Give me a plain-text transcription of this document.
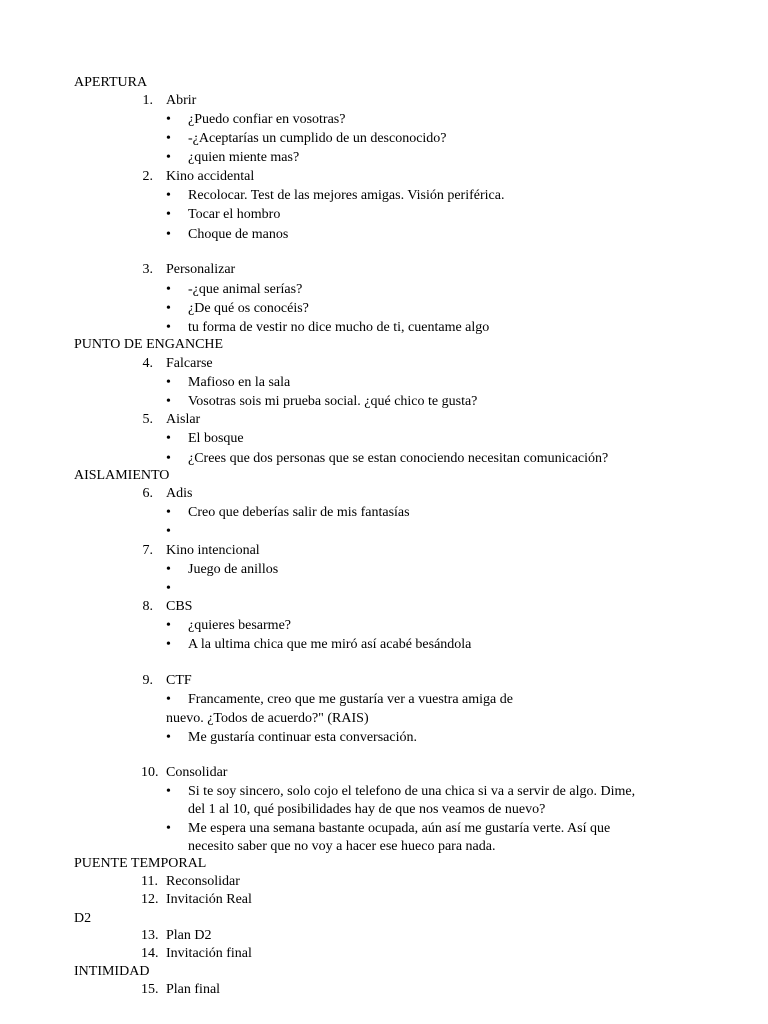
APERTURA
1. Abrir
• ¿Puedo confiar en vosotras?
• -¿Aceptarías un cumplido de un desconocido?
• ¿quien miente mas?
2. Kino accidental
• Recolocar. Test de las mejores amigas. Visión periférica.
• Tocar el hombro
• Choque de manos
3. Personalizar
• -¿que animal serías?
• ¿De qué os conocéis?
• tu forma de vestir no dice mucho de ti, cuentame algo
PUNTO DE ENGANCHE
4. Falcarse
• Mafioso en la sala
• Vosotras sois mi prueba social. ¿qué chico te gusta?
5. Aislar
• El bosque
• ¿Crees que dos personas que se estan conociendo necesitan comunicación?
AISLAMIENTO
6. Adis
• Creo que deberías salir de mis fantasías
•
7. Kino intencional
• Juego de anillos
•
8. CBS
• ¿quieres besarme?
• A la ultima chica que me miró así acabé besándola
9. CTF
• Francamente, creo que me gustaría ver a vuestra amiga de
nuevo. ¿Todos de acuerdo?" (RAIS)
• Me gustaría continuar esta conversación.
10. Consolidar
• Si te soy sincero, solo cojo el telefono de una chica si va a servir de algo. Dime,
del 1 al 10, qué posibilidades hay de que nos veamos de nuevo?
• Me espera una semana bastante ocupada, aún así me gustaría verte. Así que
necesito saber que no voy a hacer ese hueco para nada.
PUENTE TEMPORAL
11. Reconsolidar
12. Invitación Real
D2
13. Plan D2
14. Invitación final
INTIMIDAD
15. Plan final
